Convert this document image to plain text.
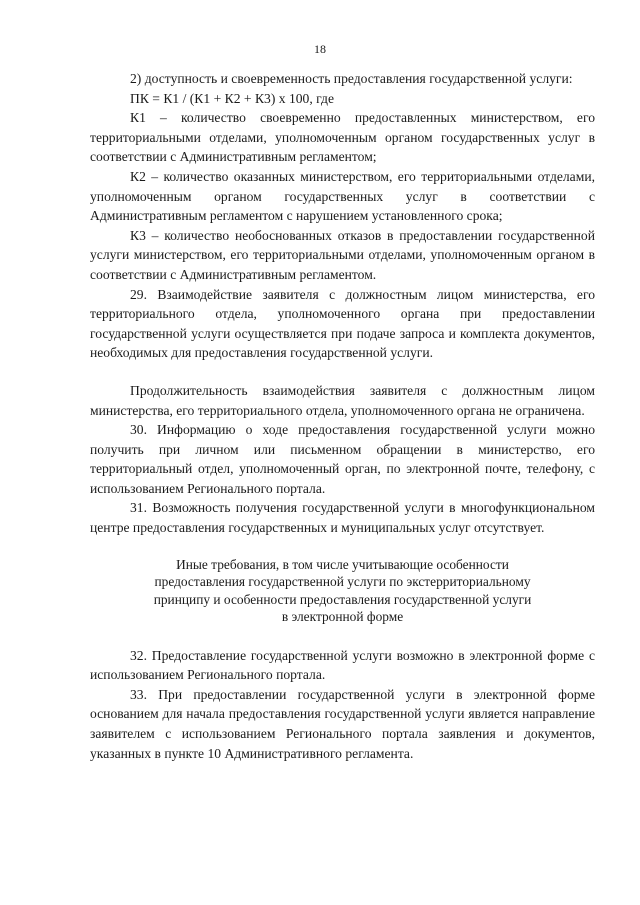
18

2) доступность и своевременность предоставления государственной услуги:

ПК = К1 / (К1 + К2 + К3) х 100, где

К1 – количество своевременно предоставленных министерством, его территориальными отделами, уполномоченным органом государственных услуг в соответствии с Административным регламентом;

К2 – количество оказанных министерством, его территориальными отделами, уполномоченным органом государственных услуг в соответствии с Административным регламентом с нарушением установленного срока;

К3 – количество необоснованных отказов в предоставлении государственной услуги министерством, его территориальными отделами, уполномоченным органом в соответствии с Административным регламентом.

29. Взаимодействие заявителя с должностным лицом министерства, его территориального отдела, уполномоченного органа при предоставлении государственной услуги осуществляется при подаче запроса и комплекта документов, необходимых для предоставления государственной услуги.

Продолжительность взаимодействия заявителя с должностным лицом министерства, его территориального отдела, уполномоченного органа не ограничена.

30. Информацию о ходе предоставления государственной услуги можно получить при личном или письменном обращении в министерство, его территориальный отдел, уполномоченный орган, по электронной почте, телефону, с использованием Регионального портала.

31. Возможность получения государственной услуги в многофункциональном центре предоставления государственных и муниципальных услуг отсутствует.

Иные требования, в том числе учитывающие особенности
предоставления государственной услуги по экстерриториальному
принципу и особенности предоставления государственной услуги
в электронной форме

32. Предоставление государственной услуги возможно в электронной форме с использованием Регионального портала.

33. При предоставлении государственной услуги в электронной форме основанием для начала предоставления государственной услуги является направление заявителем с использованием Регионального портала заявления и документов, указанных в пункте 10 Административного регламента.
